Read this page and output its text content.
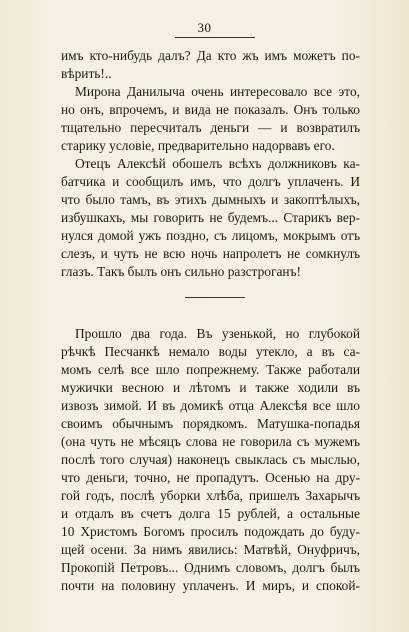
30
имъ кто-нибудь далъ? Да кто жъ имъ можетъ по-
вѣрить!..
Мирона Данилыча очень интересовало все это,
но онъ, впрочемъ, и вида не показалъ. Онъ только
тщательно пересчиталъ деньги — и возвратилъ
старику условіе, предварительно надорвавъ его.
Отецъ Алексѣй обошелъ всѣхъ должниковъ ка-
батчика и сообщилъ имъ, что долгъ уплаченъ. И
что было тамъ, въ этихъ дымныхъ и закоптѣлыхъ,
избушкахъ, мы говорить не будемъ... Старикъ вер-
нулся домой ужъ поздно, съ лицомъ, мокрымъ отъ
слезъ, и чуть не всю ночь напролетъ не сомкнулъ
глазъ. Такъ былъ онъ сильно разстроганъ!
Прошло два года. Въ узенькой, но глубокой
рѣчкѣ Песчанкѣ немало воды утекло, а въ са-
момъ селѣ все шло попрежнему. Также работали
мужички весною и лѣтомъ и также ходили въ
извозъ зимой. И въ домикѣ отца Алексѣя все шло
своимъ обычнымъ порядкомъ. Матушка-попадья
(она чуть не мѣсяцъ слова не говорила съ мужемъ
послѣ того случая) наконецъ свыклась съ мыслью,
что деньги, точно, не пропадутъ. Осенью на дру-
гой годъ, послѣ уборки хлѣба, пришелъ Захарычъ
и отдалъ въ счетъ долга 15 рублей, а остальные
10 Христомъ Богомъ просилъ подождать до буду-
щей осени. За нимъ явились: Матвѣй, Онуфричъ,
Прокопій Петровъ... Однимъ словомъ, долгъ былъ
почти на половину уплаченъ. И миръ, и спокой-
